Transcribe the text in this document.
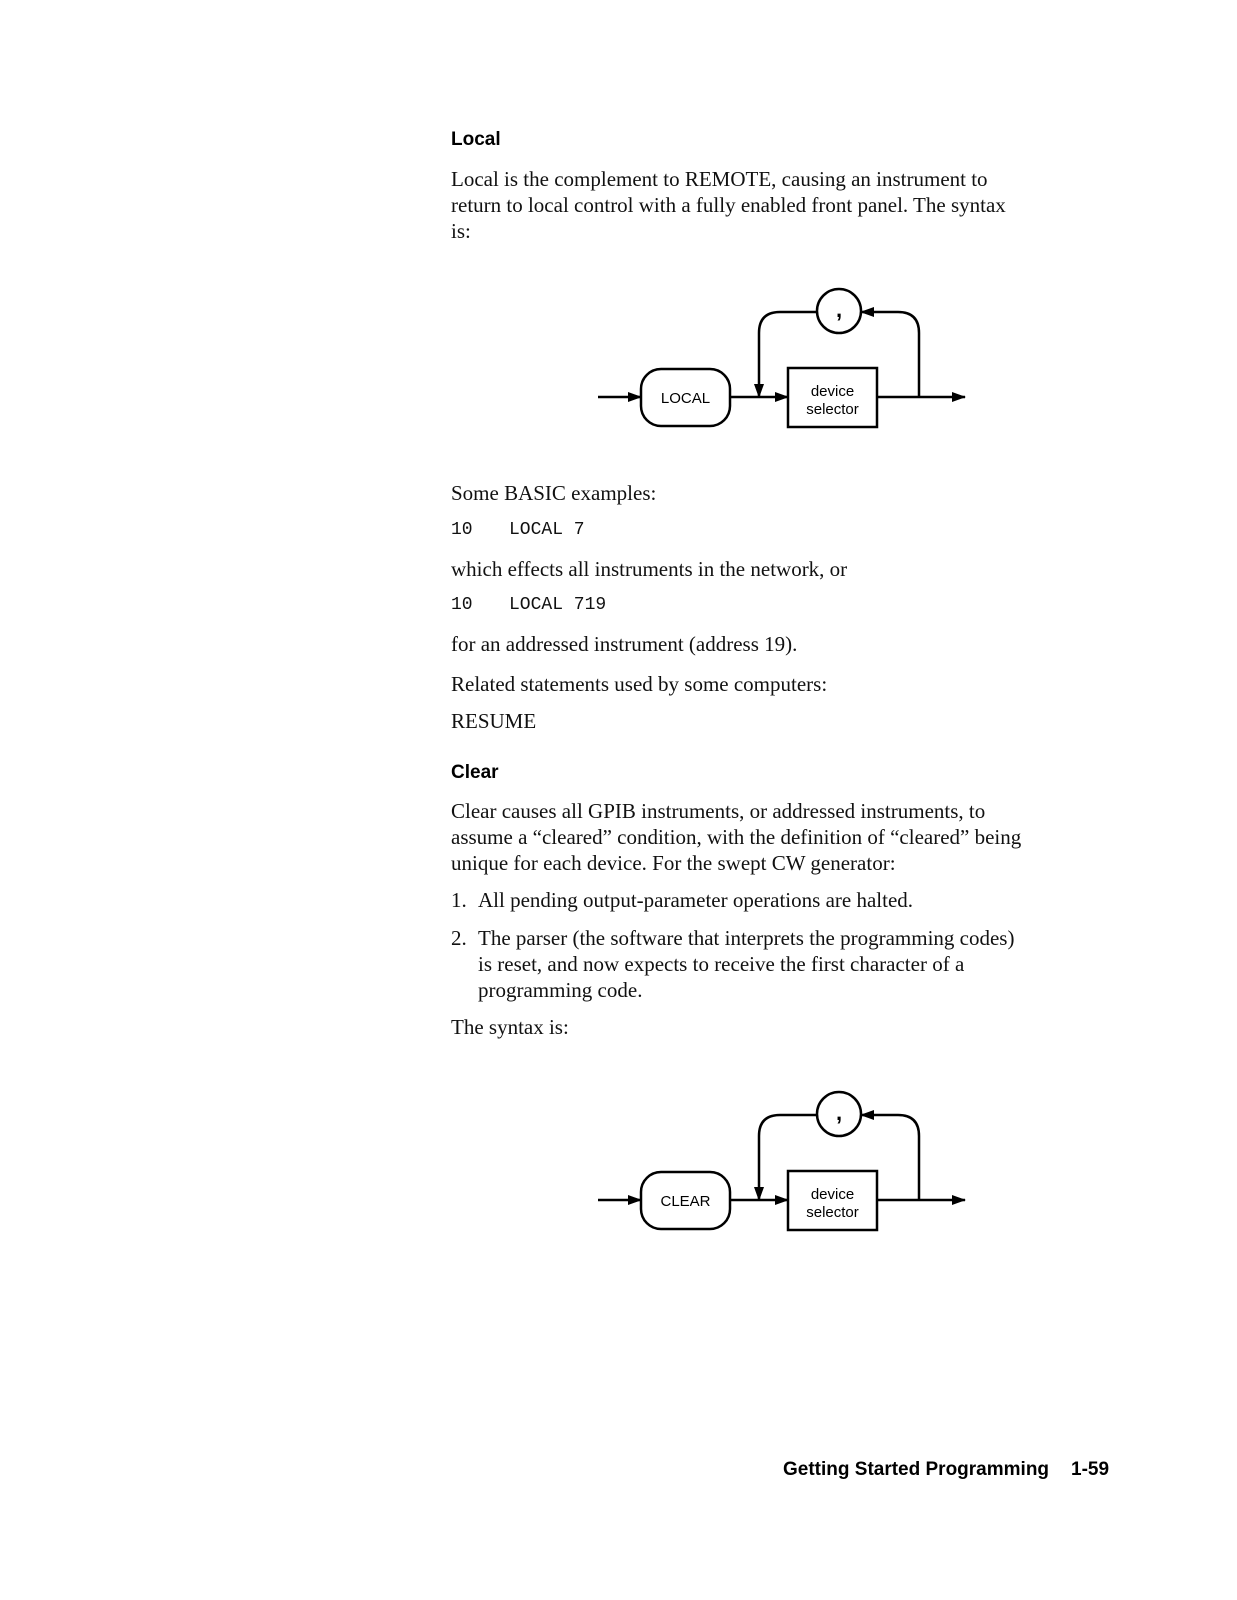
Local
Local is the complement to REMOTE, causing an instrument to
return to local control with a fully enabled front panel. The syntax
is:
LOCAL	device
selector
,
Some BASIC examples:
10 LOCAL 7
which effects all instruments in the network, or
10 LOCAL 719
for an addressed instrument (address 19).
Related statements used by some computers:
RESUME
Clear
Clear causes all GPIB instruments, or addressed instruments, to
assume a “cleared” condition, with the definition of “cleared” being
unique for each device. For the swept CW generator:
1. All pending output-parameter operations are halted.
2. The parser (the software that interprets the programming codes)
is reset, and now expects to receive the first character of a
programming code.
The syntax is:
CLEAR	device
selector
,
Getting Started Programming 1-59
